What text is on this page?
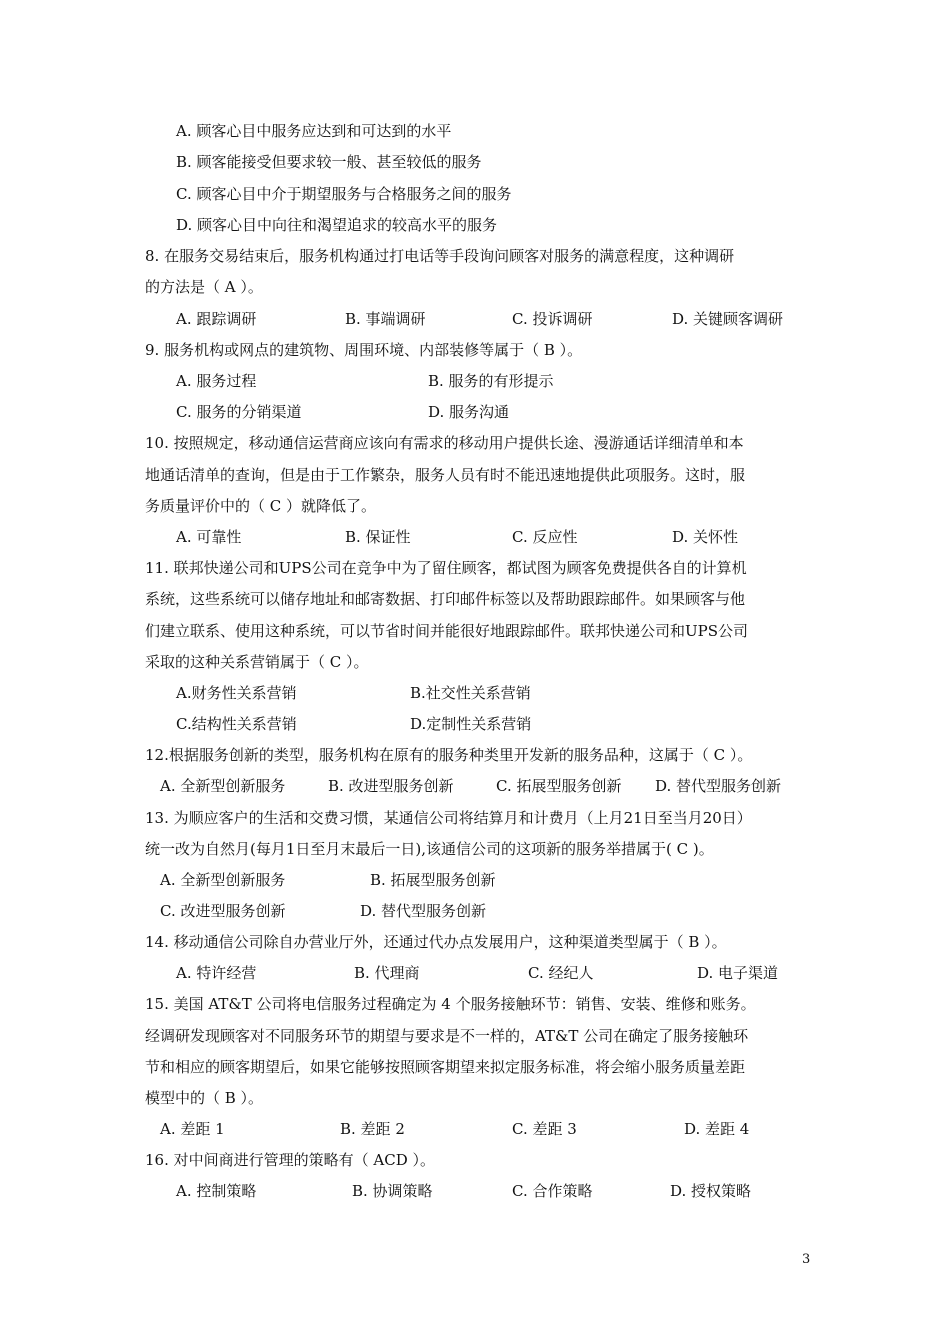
A. 顾客心目中服务应达到和可达到的水平
B. 顾客能接受但要求较一般、甚至较低的服务
C. 顾客心目中介于期望服务与合格服务之间的服务
D. 顾客心目中向往和渴望追求的较高水平的服务
8. 在服务交易结束后，服务机构通过打电话等手段询问顾客对服务的满意程度，这种调研
的方法是（ A ）。
A. 跟踪调研	B. 事端调研	C. 投诉调研	D. 关键顾客调研
9. 服务机构或网点的建筑物、周围环境、内部装修等属于（ B ）。
A. 服务过程	B. 服务的有形提示
C. 服务的分销渠道	D. 服务沟通
10. 按照规定，移动通信运营商应该向有需求的移动用户提供长途、漫游通话详细清单和本
地通话清单的查询，但是由于工作繁杂，服务人员有时不能迅速地提供此项服务。这时，服
务质量评价中的（ C ）就降低了。
A. 可靠性	B. 保证性	C. 反应性	D. 关怀性
11. 联邦快递公司和UPS公司在竞争中为了留住顾客，都试图为顾客免费提供各自的计算机
系统，这些系统可以储存地址和邮寄数据、打印邮件标签以及帮助跟踪邮件。如果顾客与他
们建立联系、使用这种系统，可以节省时间并能很好地跟踪邮件。联邦快递公司和UPS公司
采取的这种关系营销属于（ C ）。
A.财务性关系营销	B.社交性关系营销
C.结构性关系营销	D.定制性关系营销
12.根据服务创新的类型，服务机构在原有的服务种类里开发新的服务品种，这属于（ C ）。
A. 全新型创新服务	B. 改进型服务创新	C. 拓展型服务创新 D. 替代型服务创新
13. 为顺应客户的生活和交费习惯，某通信公司将结算月和计费月（上月21日至当月20日）
统一改为自然月(每月1日至月末最后一日),该通信公司的这项新的服务举措属于( C )。
A. 全新型创新服务	B. 拓展型服务创新
C. 改进型服务创新	D. 替代型服务创新
14. 移动通信公司除自办营业厅外，还通过代办点发展用户，这种渠道类型属于（ B ）。
A. 特许经营	B. 代理商	C. 经纪人	D. 电子渠道
15. 美国 AT&T 公司将电信服务过程确定为 4 个服务接触环节：销售、安装、维修和账务。
经调研发现顾客对不同服务环节的期望与要求是不一样的，AT&T 公司在确定了服务接触环
节和相应的顾客期望后，如果它能够按照顾客期望来拟定服务标准，将会缩小服务质量差距
模型中的（ B ）。
A. 差距 1	B. 差距 2	C. 差距 3	D. 差距 4
16. 对中间商进行管理的策略有（ ACD ）。
A. 控制策略	B. 协调策略	C. 合作策略	D. 授权策略
3
